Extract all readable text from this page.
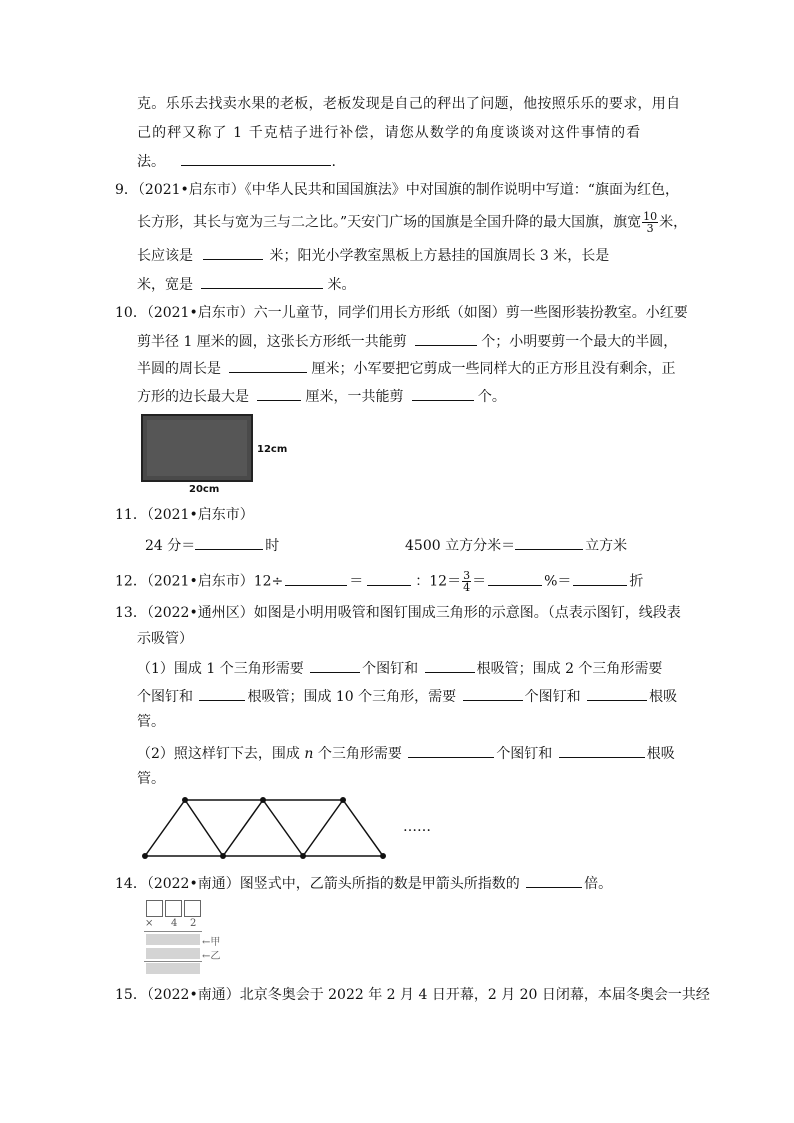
克。乐乐去找卖水果的老板，老板发现是自己的秤出了问题，他按照乐乐的要求，用自
己的秤又称了 1 千克桔子进行补偿，请您从数学的角度谈谈对这件事情的看
法。	.
9．（2021•启东市）《中华人民共和国国旗法》中对国旗的制作说明中写道：“旗面为红色，
长方形，其长与宽为三与二之比。”天安门广场的国旗是全国升降的最大国旗，旗宽 $\frac{10}{3}$ 米，
长应该是	米；阳光小学教室黑板上方悬挂的国旗周长 3 米，长是
米，宽是	米。
10．（2021•启东市）六一儿童节，同学们用长方形纸（如图）剪一些图形装扮教室。小红要
剪半径 1 厘米的圆，这张长方形纸一共能剪	个；小明要剪一个最大的半圆，
半圆的周长是	厘米；小军要把它剪成一些同样大的正方形且没有剩余，正
方形的边长最大是	厘米，一共能剪	个。
12cm
20cm
11．（2021•启东市）
24 分＝	时	4500 立方分米＝	立方米
12．（2021•启东市）12÷	＝	：$12= \frac{3}{4}$ ＝	%＝	折
13．（2022•通州区）如图是小明用吸管和图钉围成三角形的示意图。（点表示图钉，线段表
示吸管）
（1）围成 1 个三角形需要	个图钉和	根吸管；围成 2 个三角形需要
个图钉和	根吸管；围成 10 个三角形，需要	个图钉和	根吸
管。
（2）照这样钉下去，围成 n 个三角形需要	个图钉和	根吸
管。
……
14．（2022•南通）图竖式中，乙箭头所指的数是甲箭头所指数的	倍。
× 4 2
←甲
←乙
15．（2022•南通）北京冬奥会于 2022 年 2 月 4 日开幕，2 月 20 日闭幕，本届冬奥会一共经
